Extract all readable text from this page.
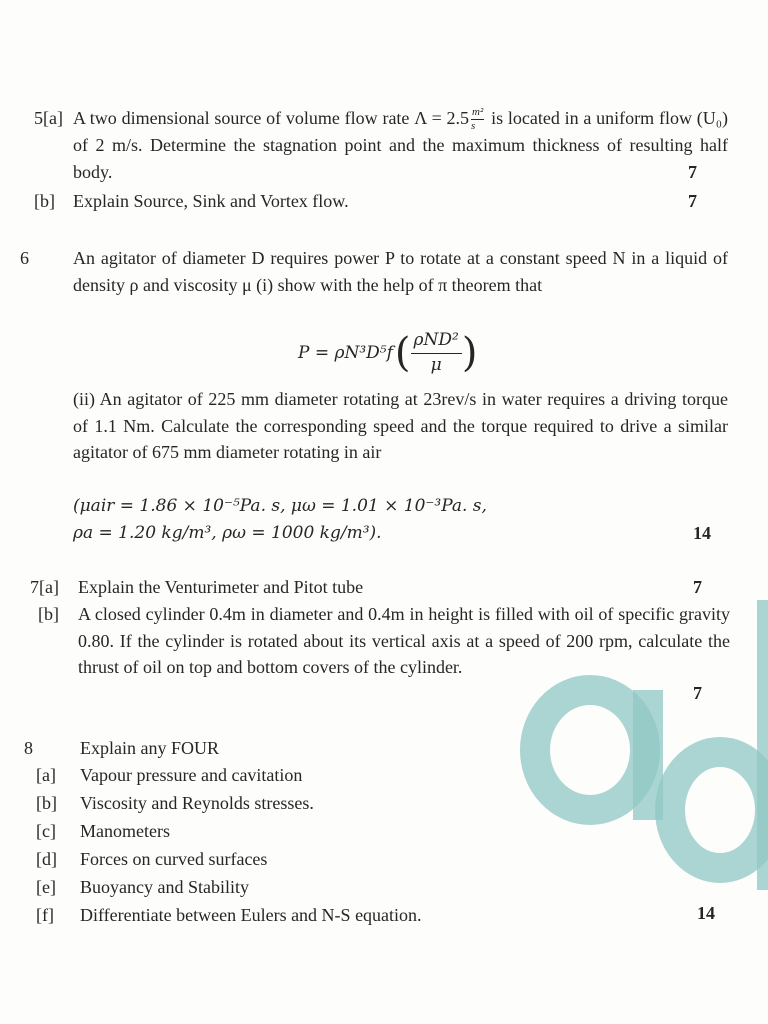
5[a] A two dimensional source of volume flow rate $\Lambda = 2.5 \frac{\text{m²}}{s}$ is located in a uniform flow (U₀) of 2 m/s. Determine the stagnation point and the maximum thickness of resulting half body.	7
[b] Explain Source, Sink and Vortex flow.	7
6 An agitator of diameter D requires power P to rotate at a constant speed N in a liquid of density ρ and viscosity μ (i) show with the help of π theorem that
P = ρN³D⁵f ( ρND²
μ )
(ii) An agitator of 225 mm diameter rotating at 23rev/s in water requires a driving torque of 1.1 Nm. Calculate the corresponding speed and the torque required to drive a similar agitator of 675 mm diameter rotating in air
(μair = 1.86 × 10⁻⁵Pa. s, μω = 1.01 × 10⁻³Pa. s,
ρa = 1.20 kg/m³, ρω = 1000 kg/m³).	14
7[a] Explain the Venturimeter and Pitot tube	7
[b] A closed cylinder 0.4m in diameter and 0.4m in height is filled with oil of specific gravity 0.80. If the cylinder is rotated about its vertical axis at a speed of 200 rpm, calculate the thrust of oil on top and bottom covers of the cylinder.
7
8	Explain any FOUR
[a] Vapour pressure and cavitation
[b] Viscosity and Reynolds stresses.
[c] Manometers
[d] Forces on curved surfaces
[e] Buoyancy and Stability
[f] Differentiate between Eulers and N-S equation.	14
